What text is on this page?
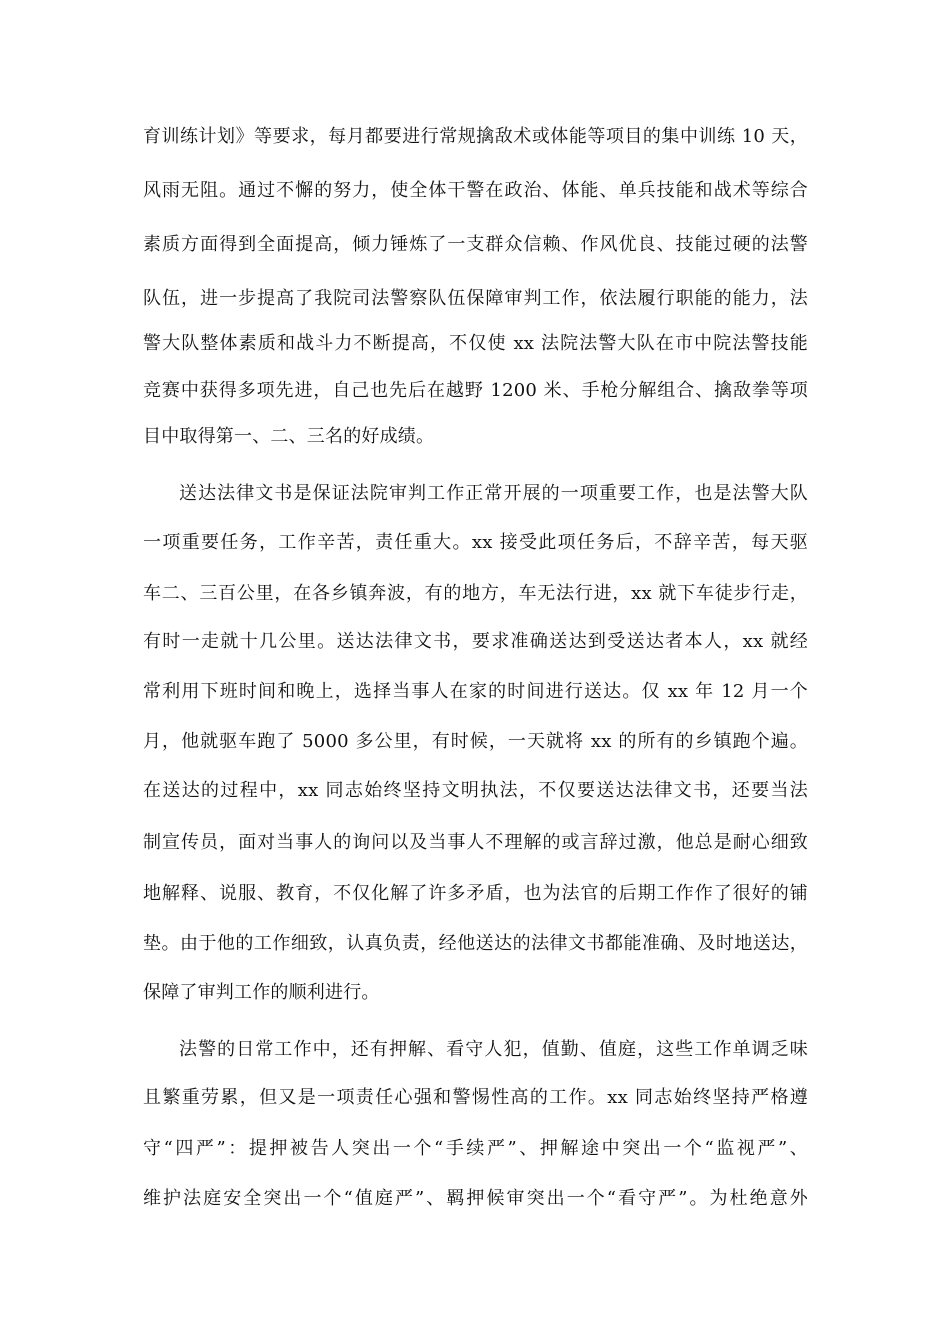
育训练计划》等要求，每月都要进行常规擒敌术或体能等项目的集中训练 10 天，
风雨无阻。通过不懈的努力，使全体干警在政治、体能、单兵技能和战术等综合
素质方面得到全面提高，倾力锤炼了一支群众信赖、作风优良、技能过硬的法警
队伍，进一步提高了我院司法警察队伍保障审判工作，依法履行职能的能力，法
警大队整体素质和战斗力不断提高，不仅使 xx 法院法警大队在市中院法警技能
竞赛中获得多项先进，自己也先后在越野 1200 米、手枪分解组合、擒敌拳等项
目中取得第一、二、三名的好成绩。
送达法律文书是保证法院审判工作正常开展的一项重要工作，也是法警大队
一项重要任务，工作辛苦，责任重大。xx 接受此项任务后，不辞辛苦，每天驱
车二、三百公里，在各乡镇奔波，有的地方，车无法行进，xx 就下车徒步行走，
有时一走就十几公里。送达法律文书，要求准确送达到受送达者本人，xx 就经
常利用下班时间和晚上，选择当事人在家的时间进行送达。仅 xx 年 12 月一个
月，他就驱车跑了 5000 多公里，有时候，一天就将 xx 的所有的乡镇跑个遍。
在送达的过程中，xx 同志始终坚持文明执法，不仅要送达法律文书，还要当法
制宣传员，面对当事人的询问以及当事人不理解的或言辞过激，他总是耐心细致
地解释、说服、教育，不仅化解了许多矛盾，也为法官的后期工作作了很好的铺
垫。由于他的工作细致，认真负责，经他送达的法律文书都能准确、及时地送达，
保障了审判工作的顺利进行。
法警的日常工作中，还有押解、看守人犯，值勤、值庭，这些工作单调乏味
且繁重劳累，但又是一项责任心强和警惕性高的工作。xx 同志始终坚持严格遵
守“四严”：提押被告人突出一个“手续严”、押解途中突出一个“监视严”、
维护法庭安全突出一个“值庭严”、羁押候审突出一个“看守严”。为杜绝意外
